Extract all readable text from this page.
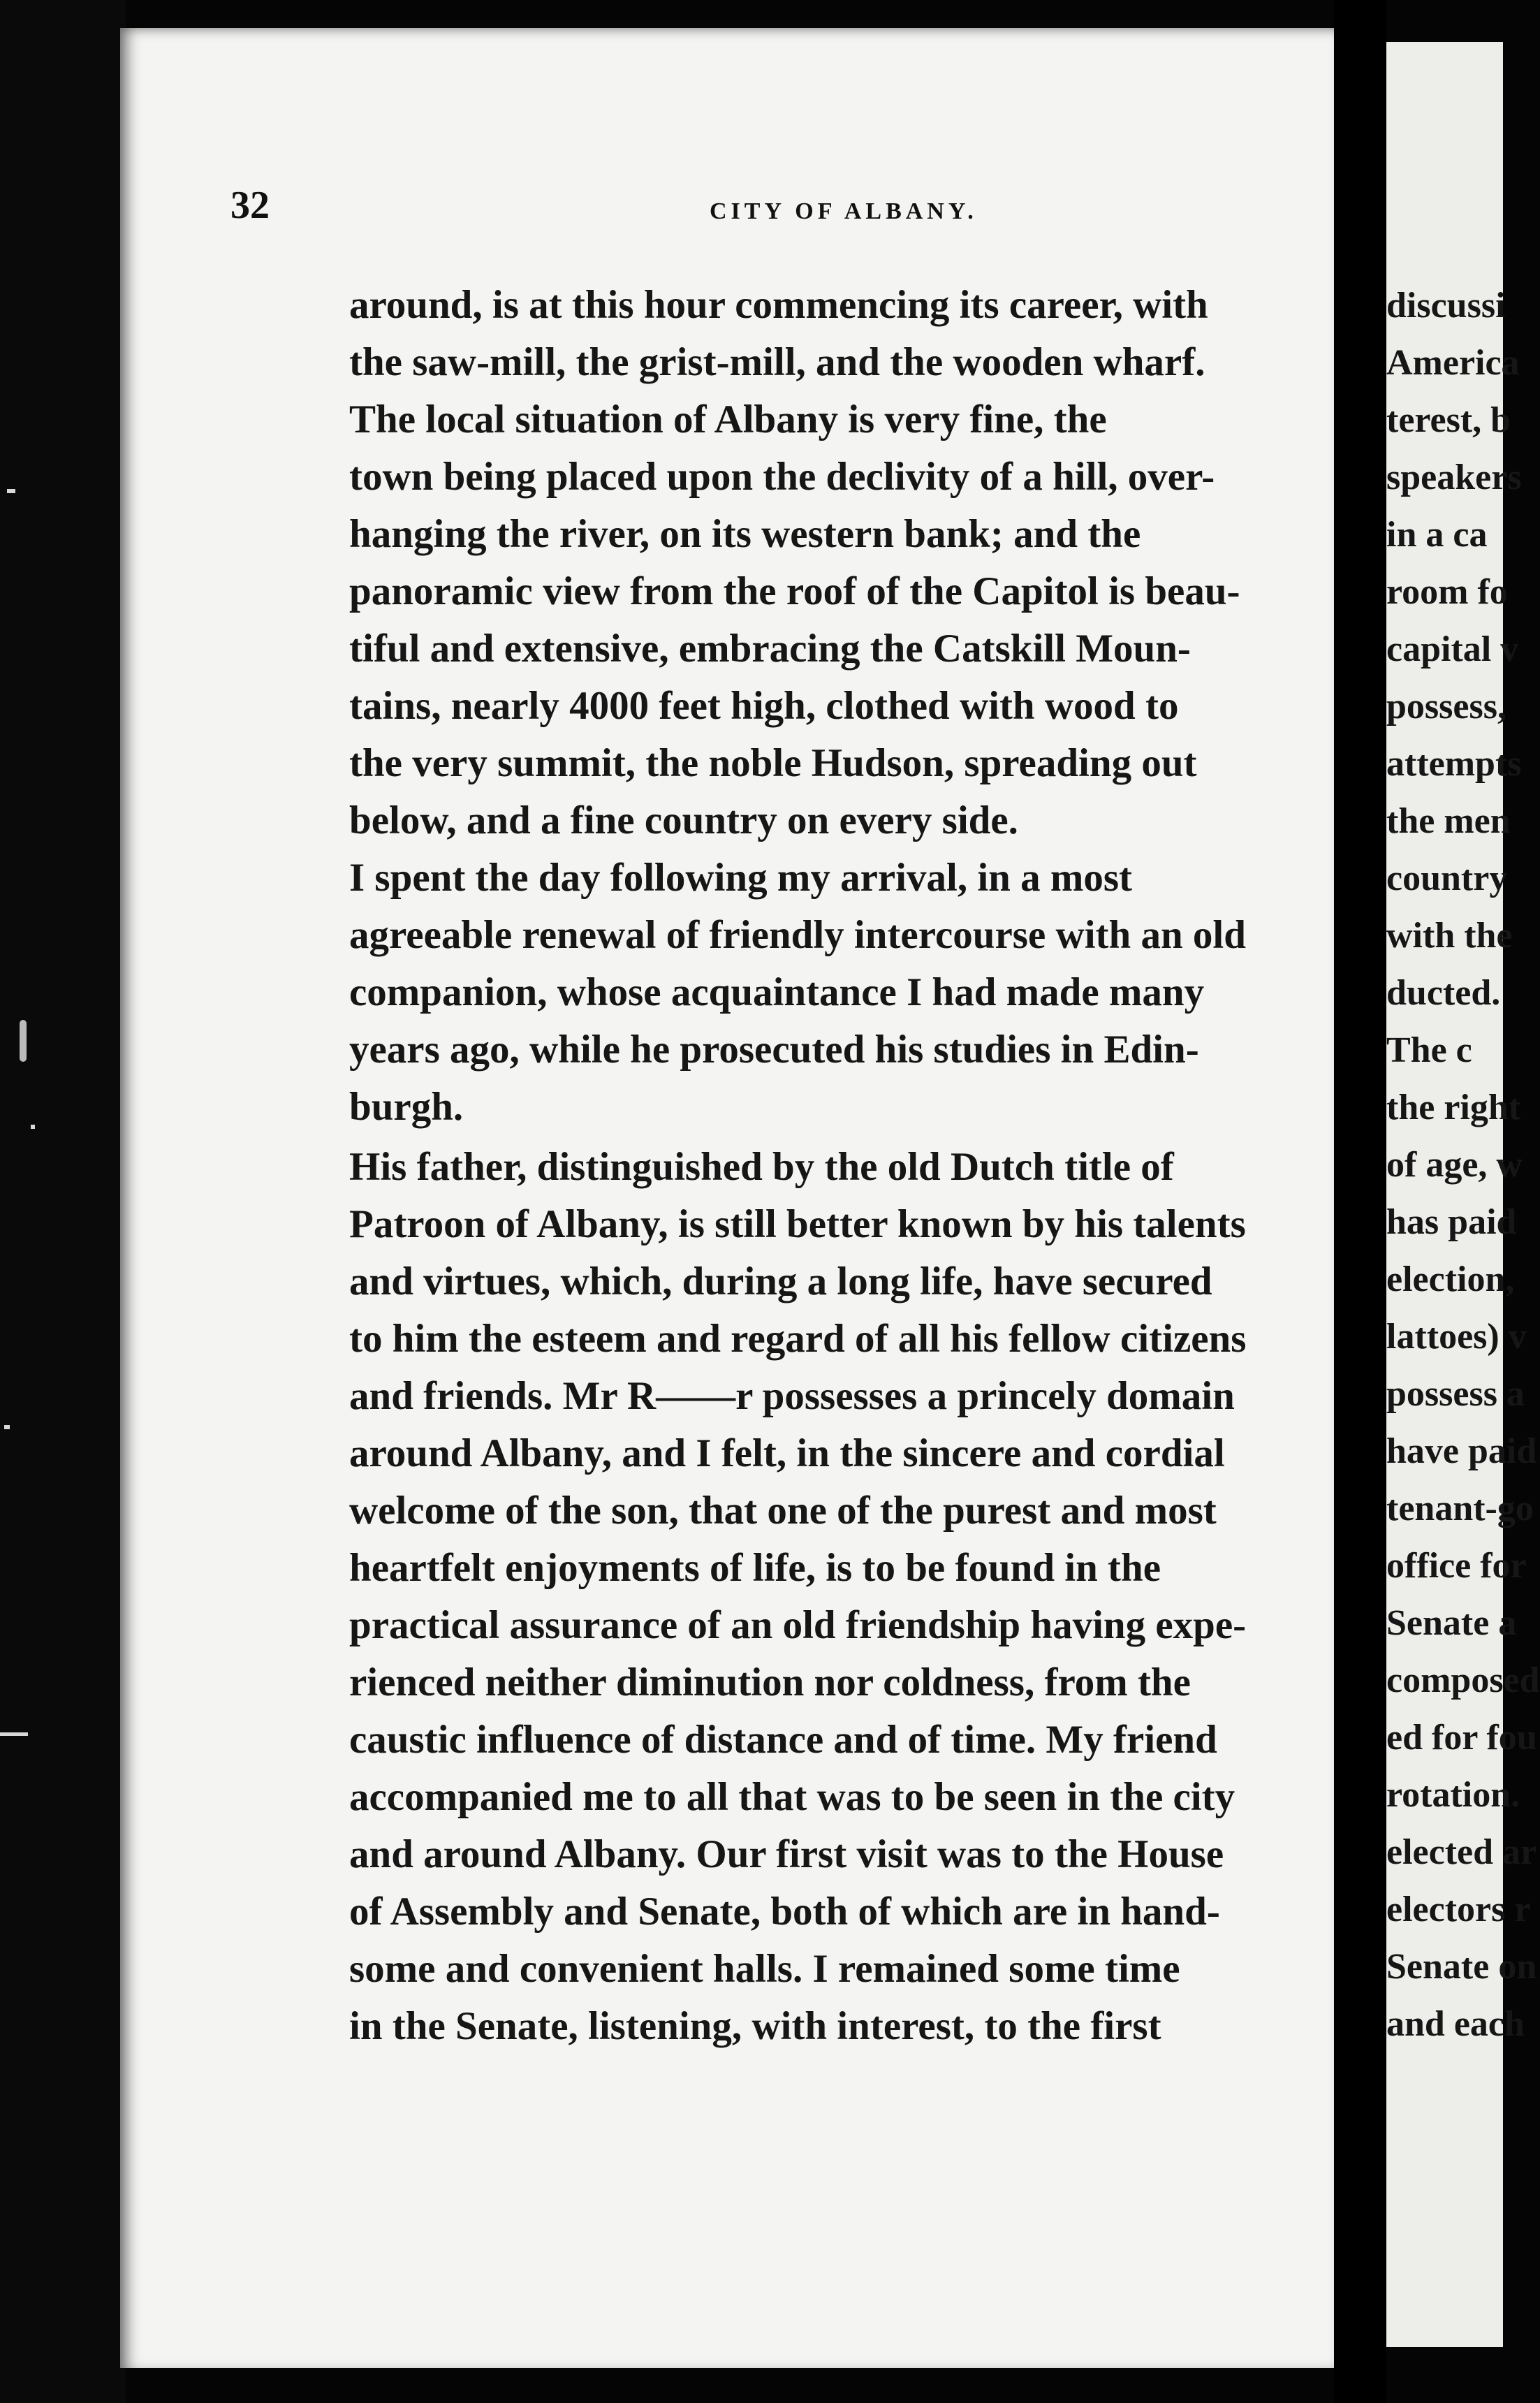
32	CITY OF ALBANY.
around, is at this hour commencing its career, with
the saw-mill, the grist-mill, and the wooden wharf.
The local situation of Albany is very fine, the
town being placed upon the declivity of a hill, over-
hanging the river, on its western bank; and the
panoramic view from the roof of the Capitol is beau-
tiful and extensive, embracing the Catskill Moun-
tains, nearly 4000 feet high, clothed with wood to
the very summit, the noble Hudson, spreading out
below, and a fine country on every side.
I spent the day following my arrival, in a most
agreeable renewal of friendly intercourse with an old
companion, whose acquaintance I had made many
years ago, while he prosecuted his studies in Edin-
burgh.
His father, distinguished by the old Dutch title of
Patroon of Albany, is still better known by his talents
and virtues, which, during a long life, have secured
to him the esteem and regard of all his fellow citizens
and friends. Mr R——r possesses a princely domain
around Albany, and I felt, in the sincere and cordial
welcome of the son, that one of the purest and most
heartfelt enjoyments of life, is to be found in the
practical assurance of an old friendship having expe-
rienced neither diminution nor coldness, from the
caustic influence of distance and of time. My friend
accompanied me to all that was to be seen in the city
and around Albany. Our first visit was to the House
of Assembly and Senate, both of which are in hand-
some and convenient halls. I remained some time
in the Senate, listening, with interest, to the first
discussi
America
terest, b
speakers
in a ca
room fo
capital v
possess,
attempts
the men
country
with the
ducted.
The c
the right
of age, w
has paid
election,
lattoes) v
possess a
have paid
tenant-go
office for
Senate a
composed
ed for fou
rotation.
elected ar
electors r
Senate on
and each
